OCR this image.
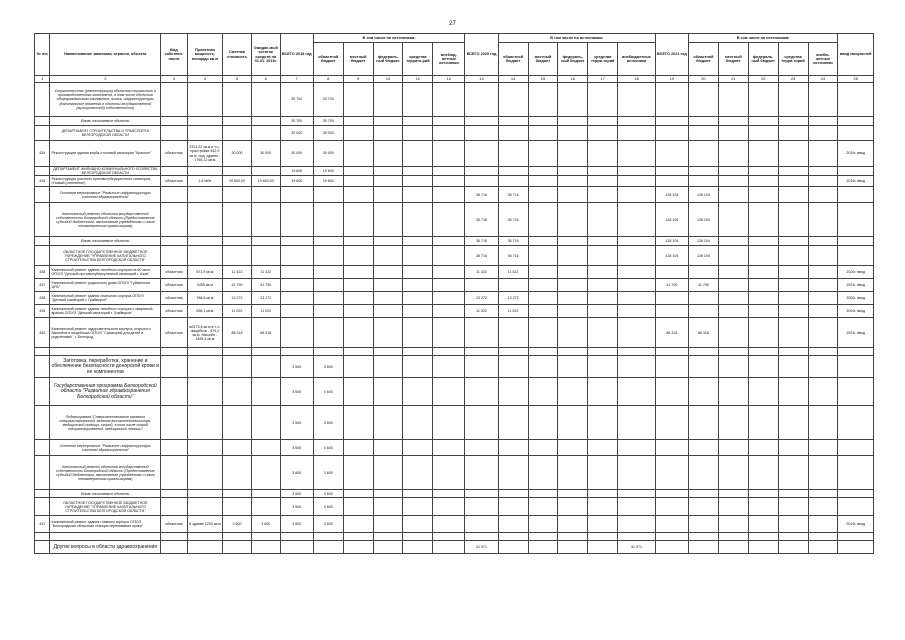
27
№ п/п	Наименование заказчика, отрасли, объекта	Вид собствен-ности	Проектная мощность, площадь кв.м	Сметная стоимость	Ожидае-мый остаток средств на 01.01. 2019г.	ВСЕГО 2019 год	В том числе по источникам:					ВСЕГО 2020 год	В том числе по источникам:					ВСЕГО 2021 год	В том числе по источникам:					ввод мощностей
							областной бюджет	местный бюджет	федераль-ный бюджет	средства террито-рий	внебюд-жетные источники		областной бюджет	местный бюджет	федераль-ный бюджет	средства терри-торий	внебюджетные источники		областной бюджет	местный бюджет	федераль-ный бюджет	средства терри-торий	внебю-жетные источники	
1	2	3	4	5	6	7	8	9	10	11	12	13	14	15	16	17	18	19	20	21	22	23	24	25
	Строительство (реконструкция) объектов социального и производственного комплексов, в том числе объектов общегражданского назначения, жилья, инфраструктуры (Капитальные вложения в объекты государственной (муниципальной) собственности)					30 700	30 700																	
	Вновь начинаемые объекты					30 700	30 700																	
	ДЕПАРТАМЕНТ СТРОИТЕЛЬСТВА И ТРАНСПОРТА БЕЛГОРОДСКОЙ ОБЛАСТИ					30 000	30 000																	
434	Реконструкция здания клуба-столовой санатория "Красное"	областная	2331,22 кв.м в т.ч.: пристройка 452,9 кв.м, под. здание - 1765,12 кв.м	30 000	30 000	30 000	30 000																	2019г. ввод
	ДЕПАРТАМЕНТ ЖИЛИЩНО-КОММУНАЛЬНОГО ХОЗЯЙСТВА БЕЛГОРОДСКОЙ ОБЛАСТИ					19 600	19 600																	
435	Реконструкция уличного противотуберкулезного санатория, г.Новый (отопление)	областная	1,6 МВт	19 600,00	19 600,00	19 600	19 600																	2019г. ввод
	Основное мероприятие "Развитие инфраструктуры системы здравоохранения"											36 716	36 716					128 104	128 104					
	Капитальный ремонт объектов государственной собственности Белгородской области (Предоставление субсидий бюджетным, автономным учреждениям и иным некоммерческим организациям)											36 716	36 716					128 104	128 104					
	Вновь начинаемые объекты											36 716	36 716					128 104	128 104					
	ОБЛАСТНОЕ ГОСУДАРСТВЕННОЕ БЮДЖЕТНОЕ УЧРЕЖДЕНИЕ "УПРАВЛЕНИЕ КАПИТАЛЬНОГО СТРОИТЕЛЬСТВА БЕЛГОРОДСКОЙ ОБЛАСТИ"											36 716	36 716					128 104	128 104					
436	Капитальный ремонт здания лечебного корпуса на 60 мест ОГБУЗ "Детский противотуберкулезный санаторий г. Азов"	областная	671,9 кв.м	11 422	11 422							11 422	11 422											2020г. ввод
437	Капитальный ремонт родильного дома ОГБУЗ "Губкинская ЦРБ"	областная	2455 кв.м	41 790	41 790													41 790	41 790					2021г. ввод
438	Капитальный ремонт здания спального корпуса ОГБУЗ "Детский санаторий г. Грайворон"	областная	786,8 кв.м	13 272	13 272							13 272	13 272											2020г. ввод
439	Капитальный ремонт здания лечебного корпуса с квартиной-врачом ОГБУЗ "Детский санаторий г. Грайворон"	областная	596,1 кв.м	11 022	11 022							11 022	11 022											2020г. ввод
440	Капитальный ремонт оздоровительного корпуса, открытого бассейна и пищеблока ОГБУЗ "Санаторий для детей и родителями", г. Белгород	областная	м2175,6 кв.м в т.ч.: пищеблок - 679,2 кв.м, бассейн - 1495,4 кв.м	86 318	86 318													86 318	86 318					2021г. ввод

	Заготовка, переработка, хранение и обеспечение безопасности донорской крови и ее компонентов					3 600	3 600																	
	Государственная программа Белгородской области "Развитие здравоохранения Белгородской области"					3 600	3 600																	
	Подпрограмма "Совершенствование оказания специализированной, включая высокотехнологичную, медицинской помощи, скорой, в том числе скорой специализированной, медицинской помощи"					3 600	3 600																	
	Основное мероприятие "Развитие инфраструктуры системы здравоохранения"					3 600	3 600																	
	Капитальный ремонт объектов государственной собственности Белгородской области (Предоставление субсидий бюджетным, автономным учреждениям и иным некоммерческим организациям)					3 600	3 600																	
	Вновь начинаемые объекты					3 600	3 600																	
	ОБЛАСТНОЕ ГОСУДАРСТВЕННОЕ БЮДЖЕТНОЕ УЧРЕЖДЕНИЕ "УПРАВЛЕНИЕ КАПИТАЛЬНОГО СТРОИТЕЛЬСТВА БЕЛГОРОДСКОЙ ОБЛАСТИ"					3 600	3 600																	
441	Капитальный ремонт здания главного корпуса ОГБУЗ "Белгородская областная станция переливания крови"	областная	Б здание 1200 кв.м	3 600	3 600	3 600	3 600																	2019г. ввод

	Другие вопросы в области здравоохранения											31 971					31 971							
